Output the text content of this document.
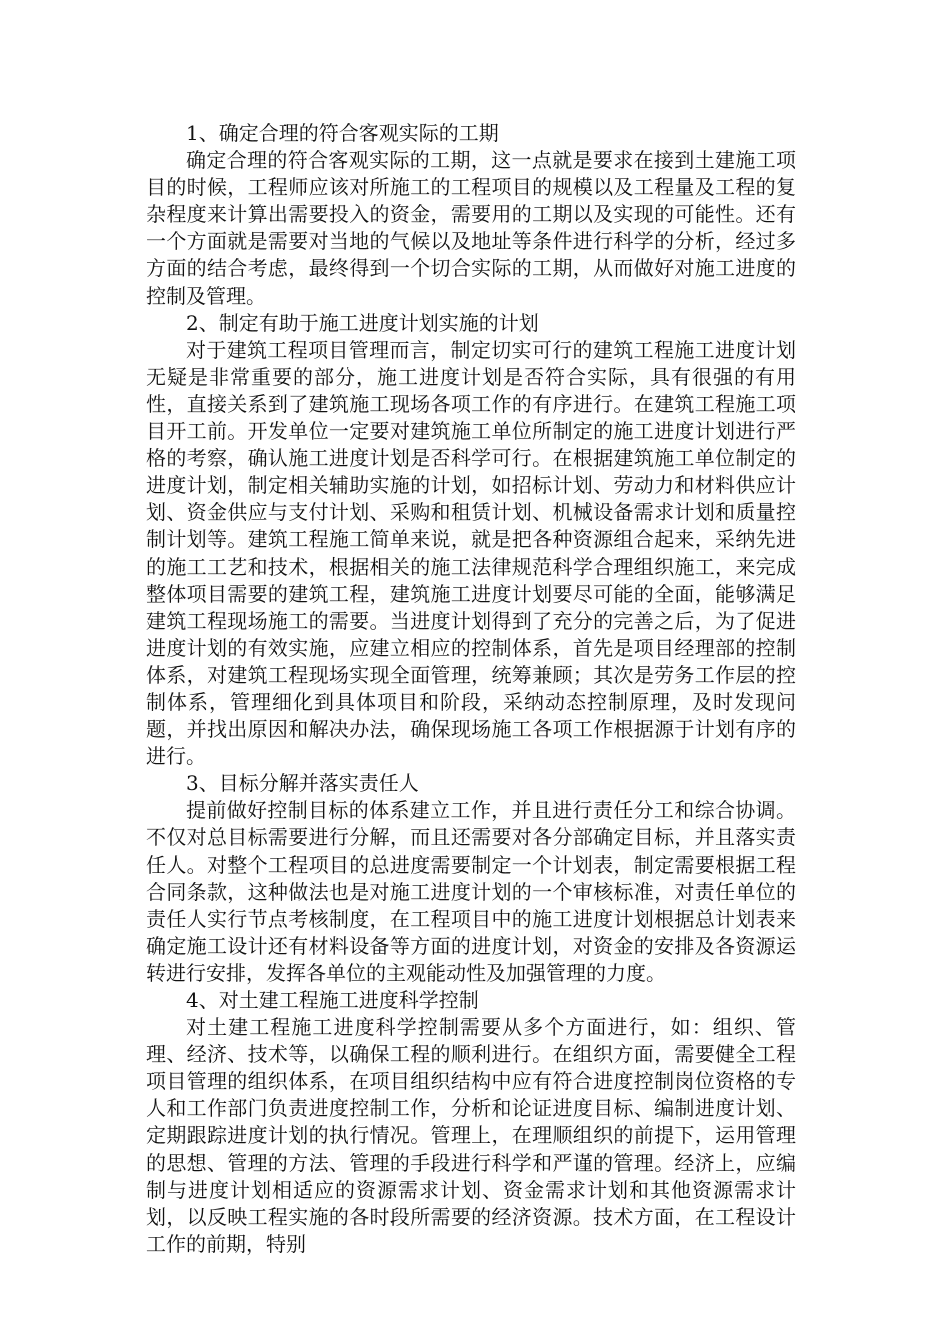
1、确定合理的符合客观实际的工期

确定合理的符合客观实际的工期，这一点就是要求在接到土建施工项目的时候，工程师应该对所施工的工程项目的规模以及工程量及工程的复杂程度来计算出需要投入的资金，需要用的工期以及实现的可能性。还有一个方面就是需要对当地的气候以及地址等条件进行科学的分析，经过多方面的结合考虑，最终得到一个切合实际的工期，从而做好对施工进度的控制及管理。

2、制定有助于施工进度计划实施的计划

对于建筑工程项目管理而言，制定切实可行的建筑工程施工进度计划无疑是非常重要的部分，施工进度计划是否符合实际，具有很强的有用性，直接关系到了建筑施工现场各项工作的有序进行。在建筑工程施工项目开工前。开发单位一定要对建筑施工单位所制定的施工进度计划进行严格的考察，确认施工进度计划是否科学可行。在根据建筑施工单位制定的进度计划，制定相关辅助实施的计划，如招标计划、劳动力和材料供应计划、资金供应与支付计划、采购和租赁计划、机械设备需求计划和质量控制计划等。建筑工程施工简单来说，就是把各种资源组合起来，采纳先进的施工工艺和技术，根据相关的施工法律规范科学合理组织施工，来完成整体项目需要的建筑工程，建筑施工进度计划要尽可能的全面，能够满足建筑工程现场施工的需要。当进度计划得到了充分的完善之后，为了促进进度计划的有效实施，应建立相应的控制体系，首先是项目经理部的控制体系，对建筑工程现场实现全面管理，统筹兼顾；其次是劳务工作层的控制体系，管理细化到具体项目和阶段，采纳动态控制原理，及时发现问题，并找出原因和解决办法，确保现场施工各项工作根据源于计划有序的进行。

3、目标分解并落实责任人

提前做好控制目标的体系建立工作，并且进行责任分工和综合协调。不仅对总目标需要进行分解，而且还需要对各分部确定目标，并且落实责任人。对整个工程项目的总进度需要制定一个计划表，制定需要根据工程合同条款，这种做法也是对施工进度计划的一个审核标准，对责任单位的责任人实行节点考核制度，在工程项目中的施工进度计划根据总计划表来确定施工设计还有材料设备等方面的进度计划，对资金的安排及各资源运转进行安排，发挥各单位的主观能动性及加强管理的力度。

4、对土建工程施工进度科学控制

对土建工程施工进度科学控制需要从多个方面进行，如：组织、管理、经济、技术等，以确保工程的顺利进行。在组织方面，需要健全工程项目管理的组织体系，在项目组织结构中应有符合进度控制岗位资格的专人和工作部门负责进度控制工作，分析和论证进度目标、编制进度计划、定期跟踪进度计划的执行情况。管理上，在理顺组织的前提下，运用管理的思想、管理的方法、管理的手段进行科学和严谨的管理。经济上，应编制与进度计划相适应的资源需求计划、资金需求计划和其他资源需求计划，以反映工程实施的各时段所需要的经济资源。技术方面，在工程设计工作的前期，特别
